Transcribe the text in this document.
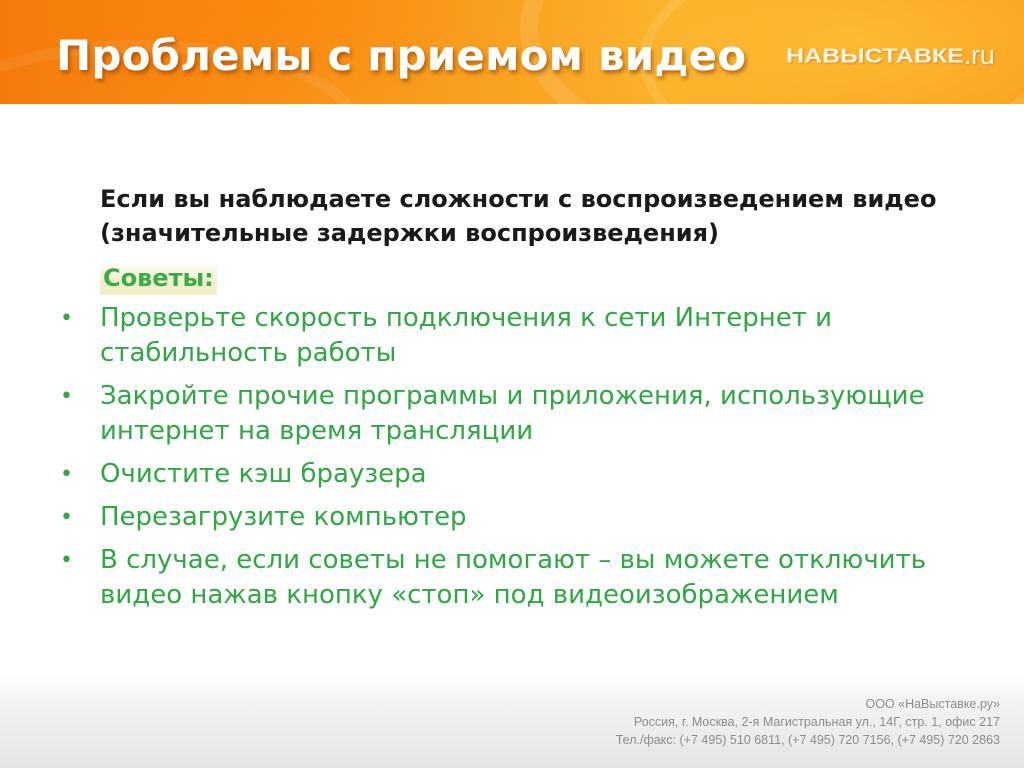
Проблемы с приемом видео НАВЫСТАВКЕ.ru

Если вы наблюдаете сложности с воспроизведением видео (значительные задержки воспроизведения)

Советы:

• Проверьте скорость подключения к сети Интернет и стабильность работы
• Закройте прочие программы и приложения, использующие интернет на время трансляции
• Очистите кэш браузера
• Перезагрузите компьютер
• В случае, если советы не помогают – вы можете отключить видео нажав кнопку «стоп» под видеоизображением
ООО «НаВыставке.ру»
Россия, г. Москва, 2-я Магистральная ул., 14Г, стр. 1, офис 217
Тел./факс: (+7 495) 510 6811, (+7 495) 720 7156, (+7 495) 720 2863
